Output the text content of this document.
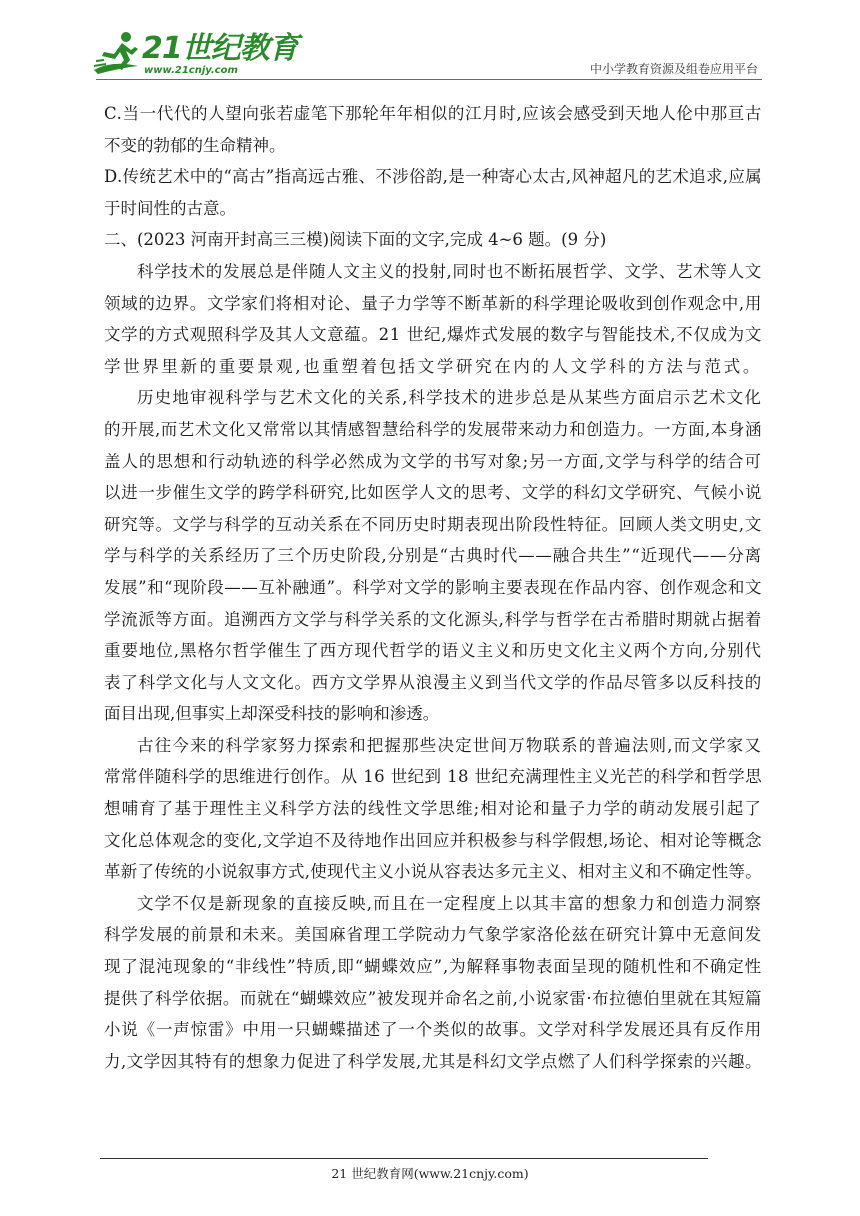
21世纪教育
www.21cnjy.com	中小学教育资源及组卷应用平台
C.当一代代的人望向张若虚笔下那轮年年相似的江月时,应该会感受到天地人伦中那亘古
不变的勃郁的生命精神。
D.传统艺术中的“高古”指高远古雅、不涉俗韵,是一种寄心太古,风神超凡的艺术追求,应属
于时间性的古意。
二、(2023 河南开封高三三模)阅读下面的文字,完成 4~6 题。(9 分)
科学技术的发展总是伴随人文主义的投射,同时也不断拓展哲学、文学、艺术等人文
领域的边界。文学家们将相对论、量子力学等不断革新的科学理论吸收到创作观念中,用
文学的方式观照科学及其人文意蕴。21 世纪,爆炸式发展的数字与智能技术,不仅成为文
学世界里新的重要景观,也重塑着包括文学研究在内的人文学科的方法与范式。
历史地审视科学与艺术文化的关系,科学技术的进步总是从某些方面启示艺术文化
的开展,而艺术文化又常常以其情感智慧给科学的发展带来动力和创造力。一方面,本身涵
盖人的思想和行动轨迹的科学必然成为文学的书写对象;另一方面,文学与科学的结合可
以进一步催生文学的跨学科研究,比如医学人文的思考、文学的科幻文学研究、气候小说
研究等。文学与科学的互动关系在不同历史时期表现出阶段性特征。回顾人类文明史,文
学与科学的关系经历了三个历史阶段,分别是“古典时代——融合共生”“近现代——分离
发展”和“现阶段——互补融通”。科学对文学的影响主要表现在作品内容、创作观念和文
学流派等方面。追溯西方文学与科学关系的文化源头,科学与哲学在古希腊时期就占据着
重要地位,黑格尔哲学催生了西方现代哲学的语义主义和历史文化主义两个方向,分别代
表了科学文化与人文文化。西方文学界从浪漫主义到当代文学的作品尽管多以反科技的
面目出现,但事实上却深受科技的影响和渗透。
古往今来的科学家努力探索和把握那些决定世间万物联系的普遍法则,而文学家又
常常伴随科学的思维进行创作。从 16 世纪到 18 世纪充满理性主义光芒的科学和哲学思
想哺育了基于理性主义科学方法的线性文学思维;相对论和量子力学的萌动发展引起了
文化总体观念的变化,文学迫不及待地作出回应并积极参与科学假想,场论、相对论等概念
革新了传统的小说叙事方式,使现代主义小说从容表达多元主义、相对主义和不确定性等。
文学不仅是新现象的直接反映,而且在一定程度上以其丰富的想象力和创造力洞察
科学发展的前景和未来。美国麻省理工学院动力气象学家洛伦兹在研究计算中无意间发
现了混沌现象的“非线性”特质,即“蝴蝶效应”,为解释事物表面呈现的随机性和不确定性
提供了科学依据。而就在“蝴蝶效应”被发现并命名之前,小说家雷·布拉德伯里就在其短篇
小说《一声惊雷》中用一只蝴蝶描述了一个类似的故事。文学对科学发展还具有反作用
力,文学因其特有的想象力促进了科学发展,尤其是科幻文学点燃了人们科学探索的兴趣。
21 世纪教育网(www.21cnjy.com)
